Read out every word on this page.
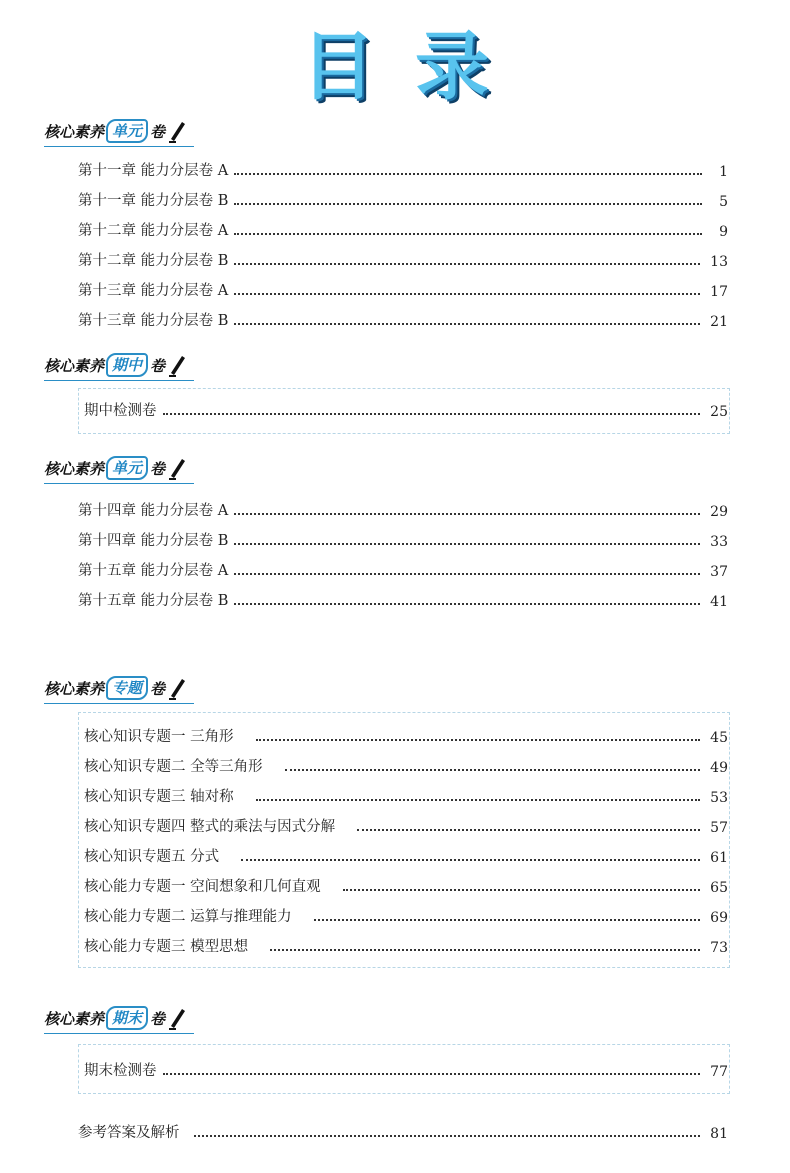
目录
核心素养 单元 卷
第十一章 能力分层卷 A	1
第十一章 能力分层卷 B	5
第十二章 能力分层卷 A	9
第十二章 能力分层卷 B	13
第十三章 能力分层卷 A	17
第十三章 能力分层卷 B	21
核心素养 期中 卷
期中检测卷	25
核心素养 单元 卷
第十四章 能力分层卷 A	29
第十四章 能力分层卷 B	33
第十五章 能力分层卷 A	37
第十五章 能力分层卷 B	41
核心素养 专题 卷
核心知识专题一 三角形	45
核心知识专题二 全等三角形	49
核心知识专题三 轴对称	53
核心知识专题四 整式的乘法与因式分解	57
核心知识专题五 分式	61
核心能力专题一 空间想象和几何直观	65
核心能力专题二 运算与推理能力	69
核心能力专题三 模型思想	73
核心素养 期末 卷
期末检测卷	77
参考答案及解析	81
